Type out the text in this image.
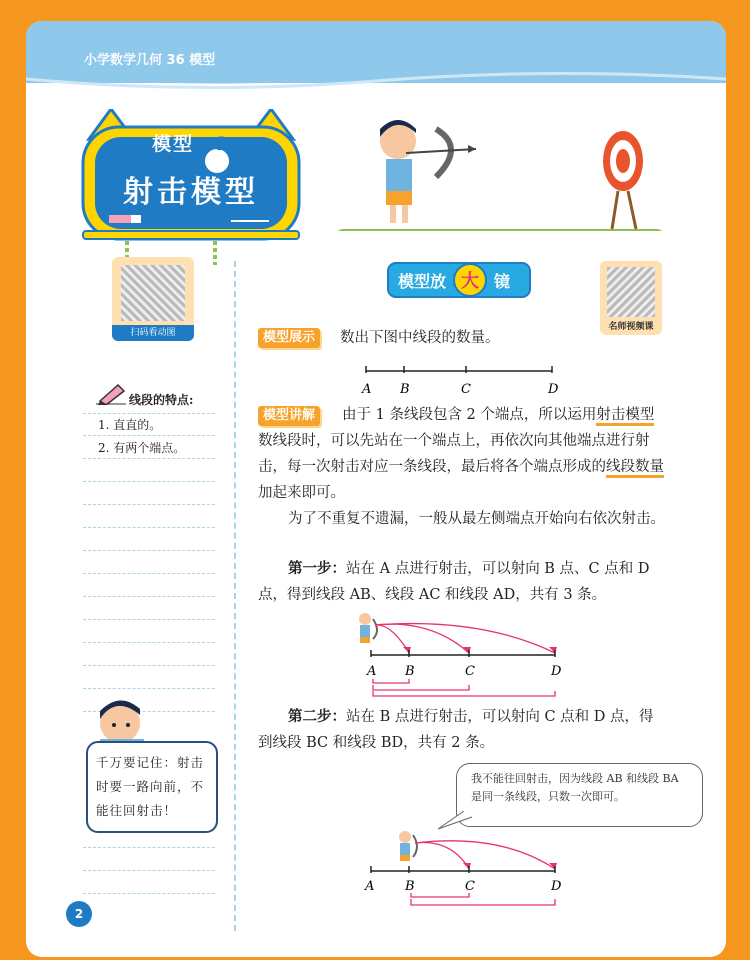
小学数学几何 36 模型
模型 1
射击模型
扫码看动图
模型放 大 镜
名师视频课
线段的特点:
1. 直直的。
2. 有两个端点。
千万要记住：射击时要一路向前，不能往回射击！
模型展示	数出下图中线段的数量。
A B	C	D
模型讲解	由于 1 条线段包含 2 个端点，所以运用射击模型数线段时，可以先站在一个端点上，再依次向其他端点进行射击，每一次射击对应一条线段，最后将各个端点形成的线段数量加起来即可。
为了不重复不遗漏，一般从最左侧端点开始向右依次射击。
第一步：站在 A 点进行射击，可以射向 B 点、C 点和 D 点，得到线段 AB、线段 AC 和线段 AD，共有 3 条。
A B	C	D
第二步：站在 B 点进行射击，可以射向 C 点和 D 点，得到线段 BC 和线段 BD，共有 2 条。
我不能往回射击，因为线段 AB 和线段 BA 是同一条线段，只数一次即可。
A B	C	D
2
